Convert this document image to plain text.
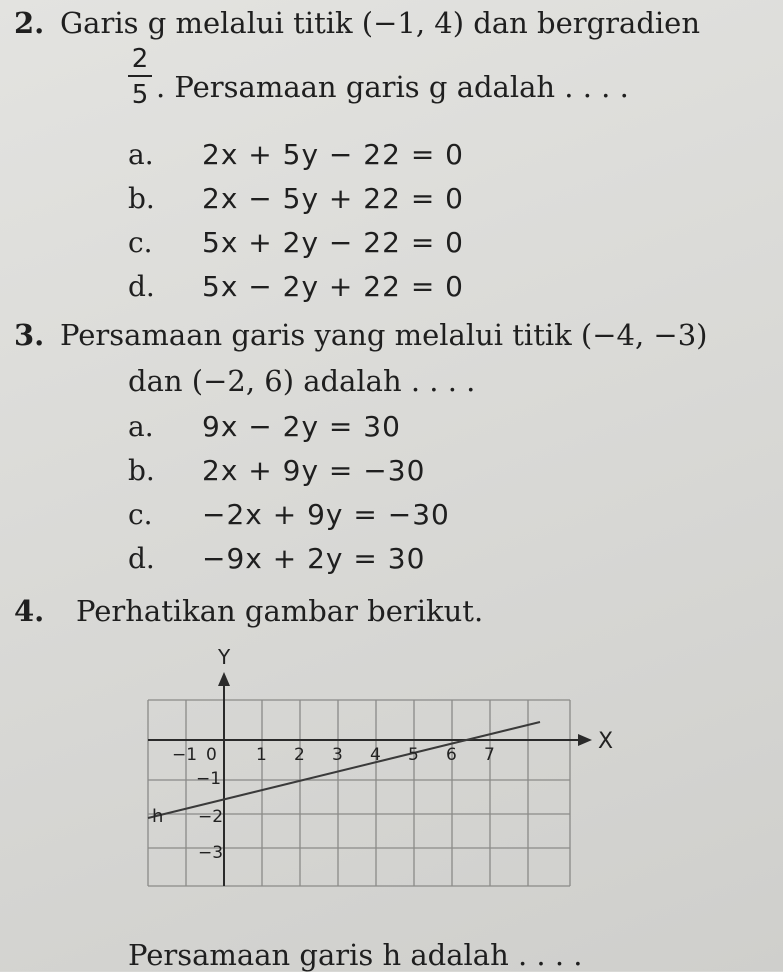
2. Garis g melalui titik (−1, 4) dan bergradien
2
5 . Persamaan garis g adalah . . . .
a. 2x + 5y − 22 = 0
b. 2x − 5y + 22 = 0
c. 5x + 2y − 22 = 0
d. 5x − 2y + 22 = 0
3. Persamaan garis yang melalui titik (−4, −3)
dan (−2, 6) adalah . . . .
a. 9x − 2y = 30
b. 2x + 9y = −30
c. −2x + 9y = −30
d. −9x + 2y = 30
4. Perhatikan gambar berikut.
Y
X
−1 0 1 2 3 4 5 6 7
−1
−2
−3
h
Persamaan garis h adalah . . . .
